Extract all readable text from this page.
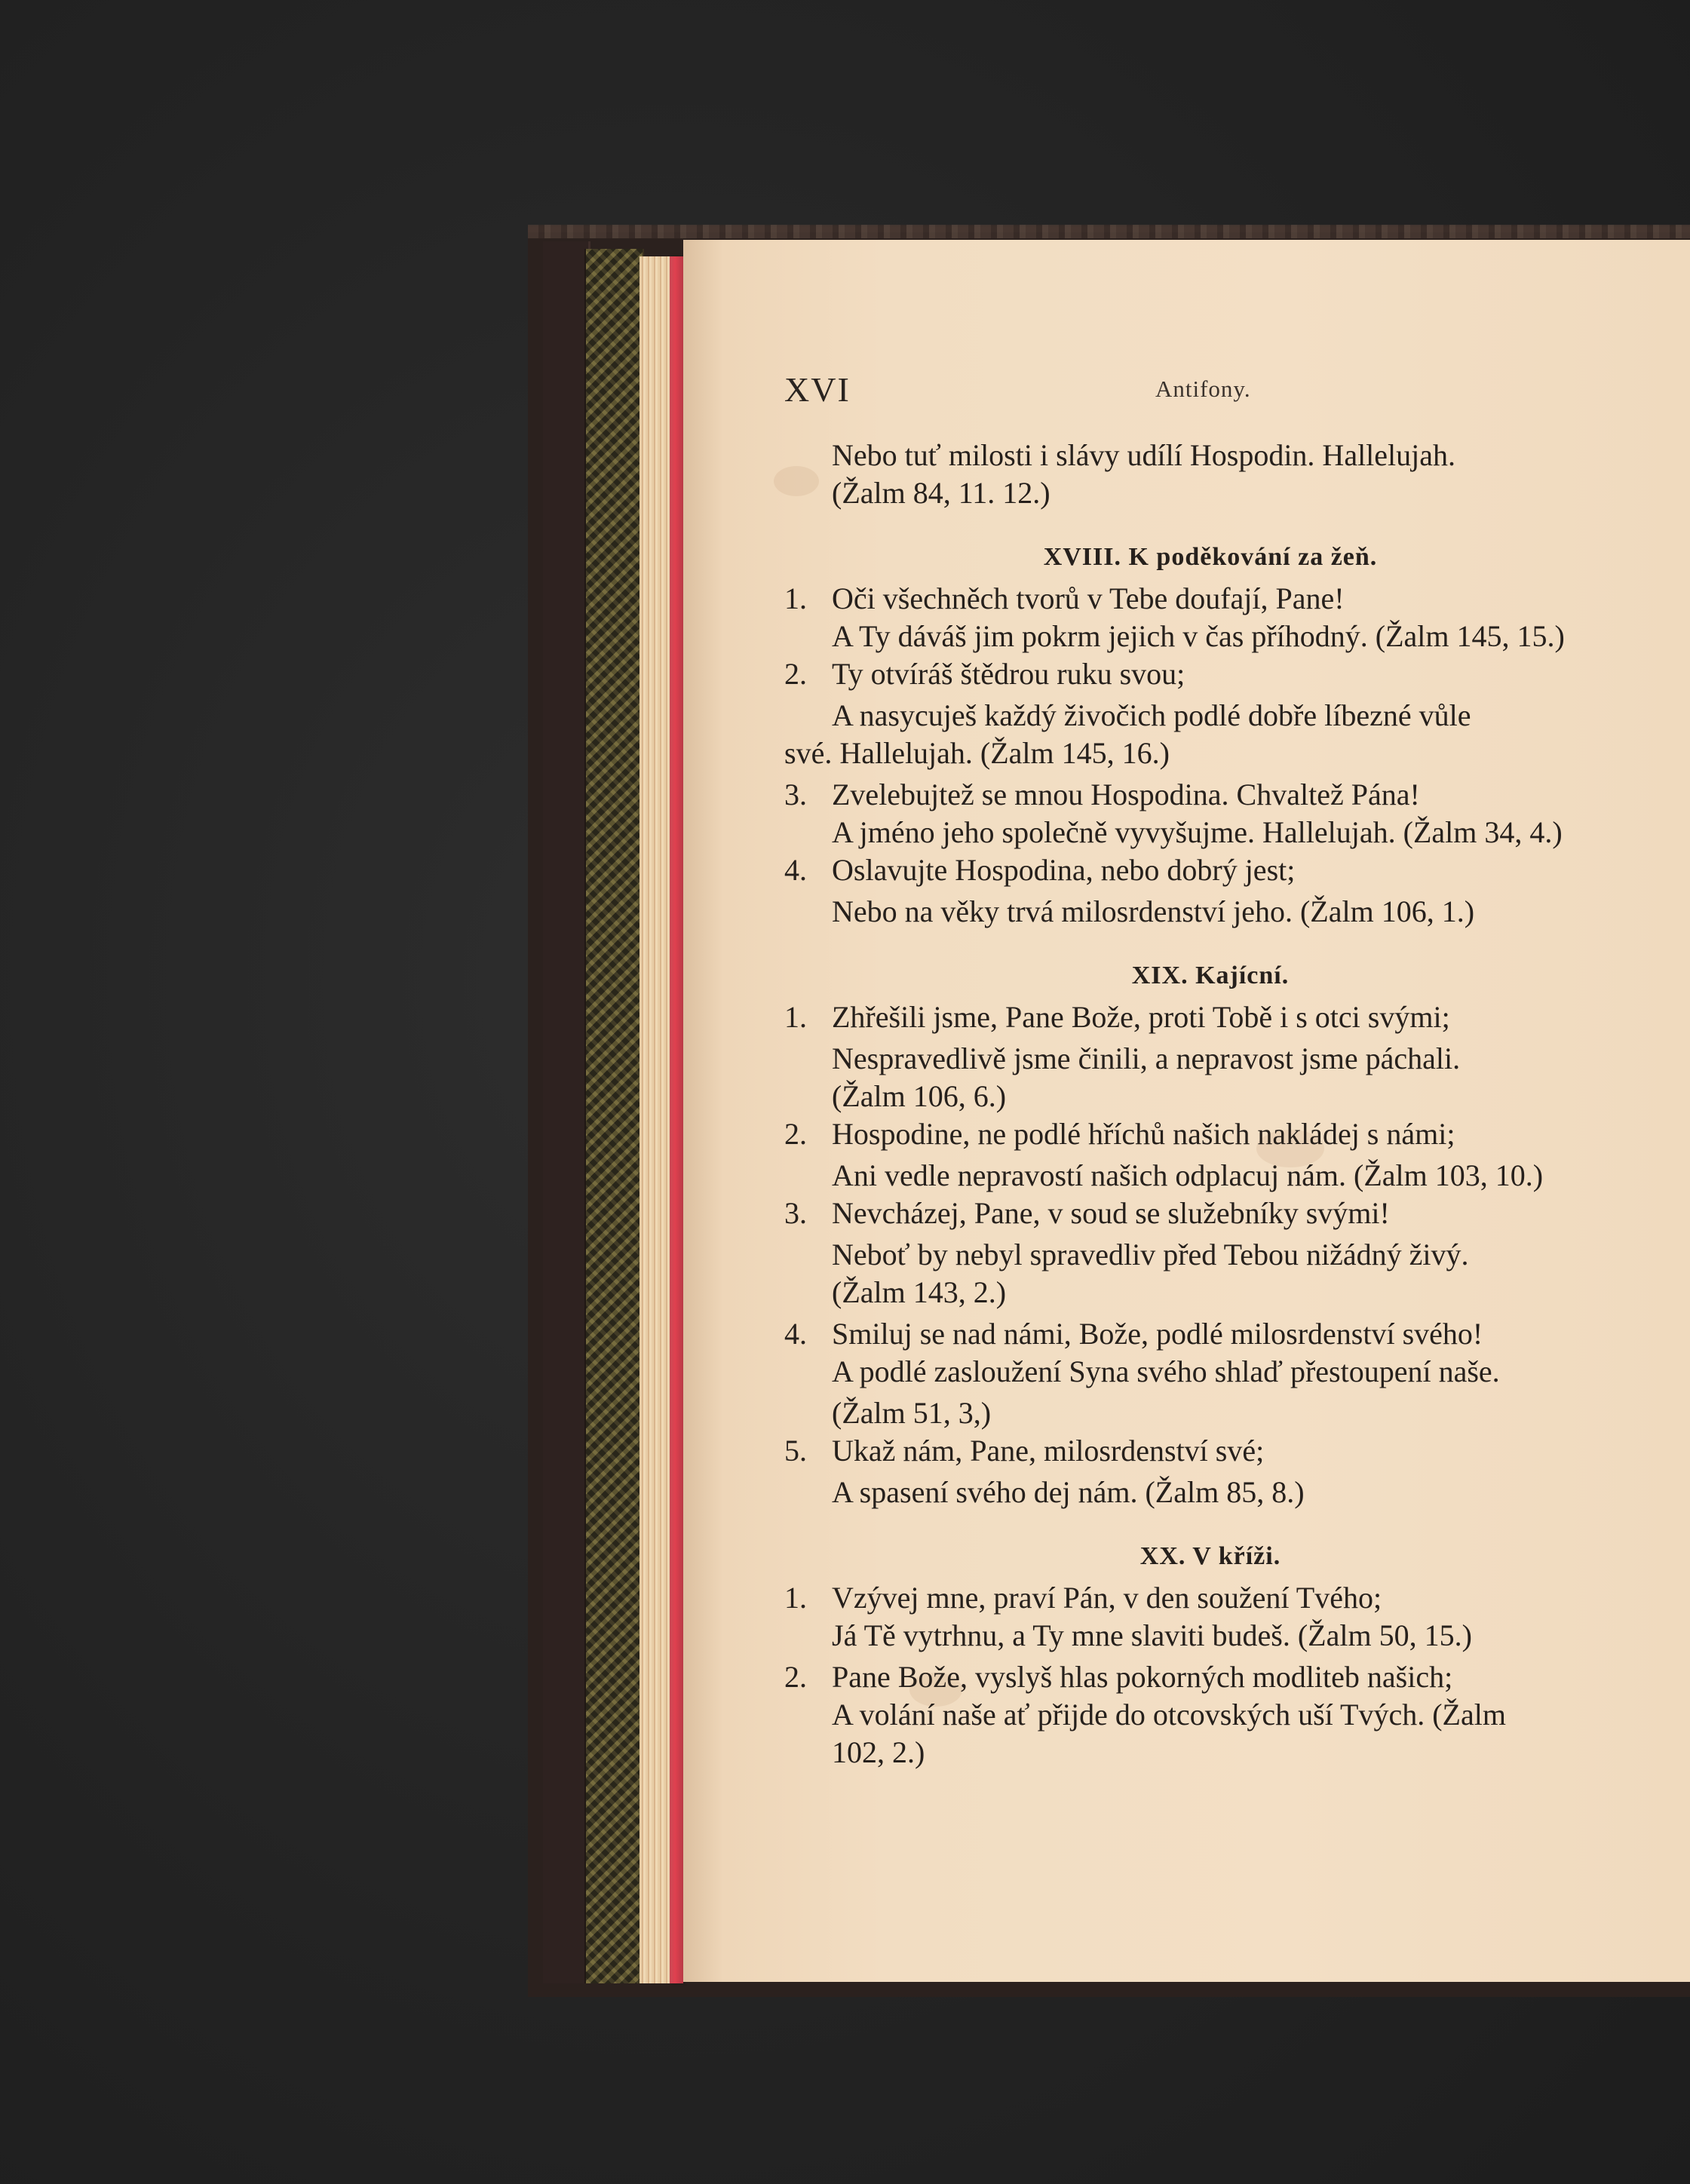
XVI	Antifony.
Nebo tuť milosti i slávy udílí Hospodin. Hallelujah.
(Žalm 84, 11. 12.)
XVIII. K poděkování za žeň.
1. Oči všechněch tvorů v Tebe doufají, Pane!
A Ty dáváš jim pokrm jejich v čas příhodný. (Žalm 145, 15.)
2. Ty otvíráš štědrou ruku svou;
A nasycuješ každý živočich podlé dobře líbezné vůle
své. Hallelujah. (Žalm 145, 16.)
3. Zvelebujtež se mnou Hospodina. Chvaltež Pána!
A jméno jeho společně vyvyšujme. Hallelujah. (Žalm 34, 4.)
4. Oslavujte Hospodina, nebo dobrý jest;
Nebo na věky trvá milosrdenství jeho. (Žalm 106, 1.)
XIX. Kajícní.
1. Zhřešili jsme, Pane Bože, proti Tobě i s otci svými;
Nespravedlivě jsme činili, a nepravost jsme páchali.
(Žalm 106, 6.)
2. Hospodine, ne podlé hříchů našich nakládej s námi;
Ani vedle nepravostí našich odplacuj nám. (Žalm 103, 10.)
3. Nevcházej, Pane, v soud se služebníky svými!
Neboť by nebyl spravedliv před Tebou nižádný živý.
(Žalm 143, 2.)
4. Smiluj se nad námi, Bože, podlé milosrdenství svého!
A podlé zasloužení Syna svého shlaď přestoupení naše.
(Žalm 51, 3,)
5. Ukaž nám, Pane, milosrdenství své;
A spasení svého dej nám. (Žalm 85, 8.)
XX. V kříži.
1. Vzývej mne, praví Pán, v den soužení Tvého;
Já Tě vytrhnu, a Ty mne slaviti budeš. (Žalm 50, 15.)
2. Pane Bože, vyslyš hlas pokorných modliteb našich;
A volání naše ať přijde do otcovských uší Tvých. (Žalm
102, 2.)
